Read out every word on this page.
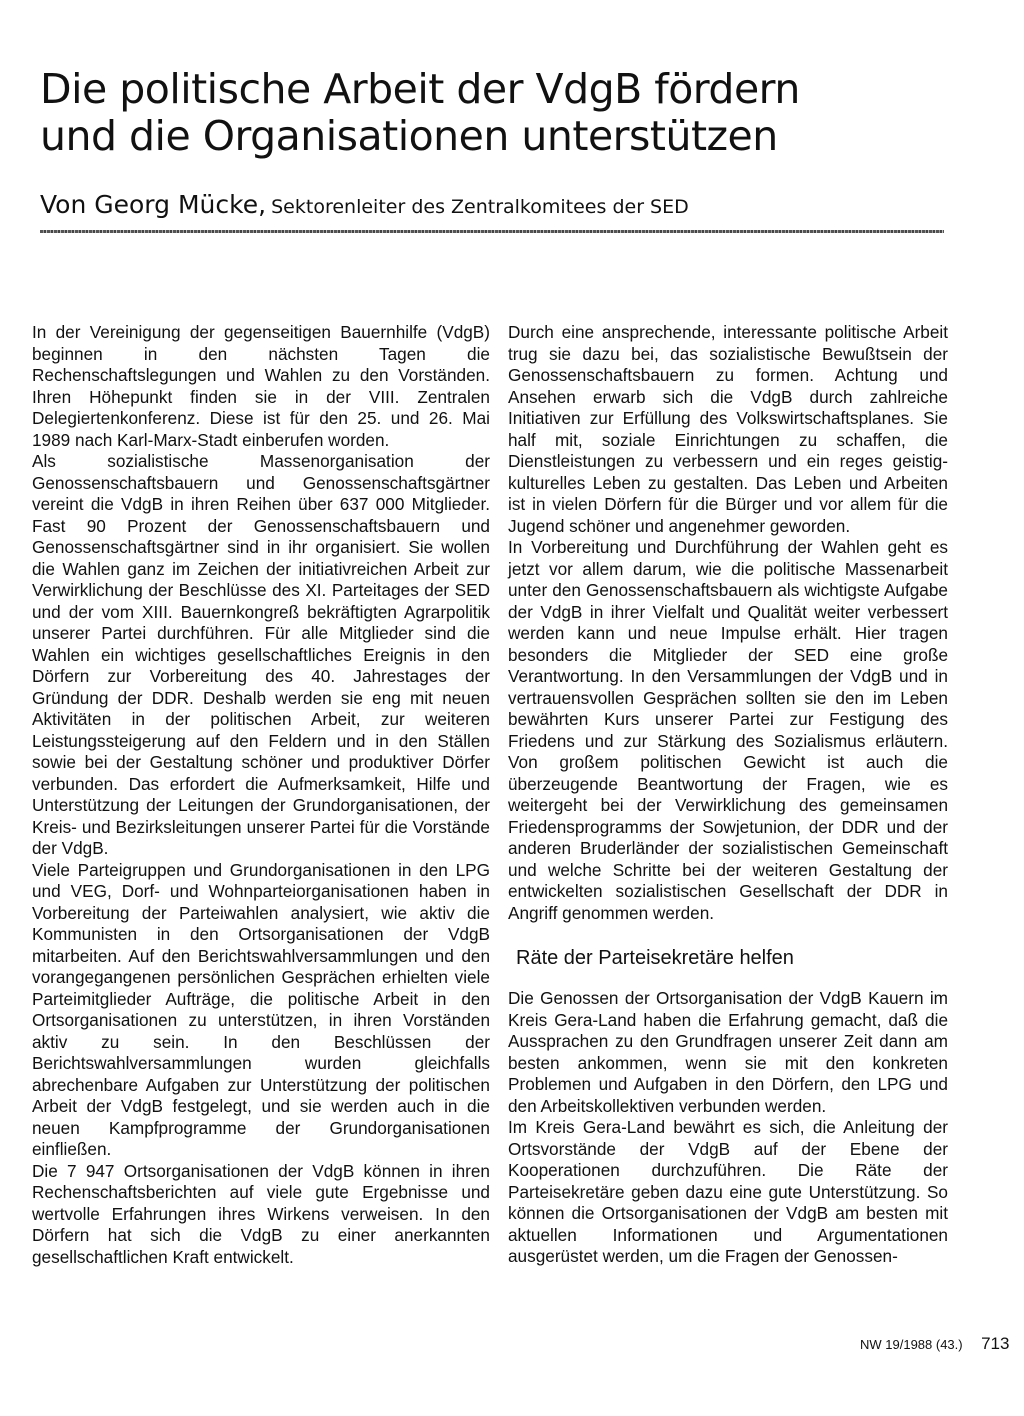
Die politische Arbeit der VdgB fördern
und die Organisationen unterstützen
Von Georg Mücke, Sektorenleiter des Zentralkomitees der SED

In der Vereinigung der gegenseitigen Bauernhilfe (VdgB) beginnen in den nächsten Tagen die Rechenschaftslegungen und Wahlen zu den Vorständen. Ihren Höhepunkt finden sie in der VIII. Zentralen Delegiertenkonferenz. Diese ist für den 25. und 26. Mai 1989 nach Karl-Marx-Stadt einberufen worden.

Als sozialistische Massenorganisation der Genossenschaftsbauern und Genossenschaftsgärtner vereint die VdgB in ihren Reihen über 637 000 Mitglieder. Fast 90 Prozent der Genossenschaftsbauern und Genossenschaftsgärtner sind in ihr organisiert. Sie wollen die Wahlen ganz im Zeichen der initiativreichen Arbeit zur Verwirklichung der Beschlüsse des XI. Parteitages der SED und der vom XIII. Bauernkongreß bekräftigten Agrarpolitik unserer Partei durchführen. Für alle Mitglieder sind die Wahlen ein wichtiges gesellschaftliches Ereignis in den Dörfern zur Vorbereitung des 40. Jahrestages der Gründung der DDR. Deshalb werden sie eng mit neuen Aktivitäten in der politischen Arbeit, zur weiteren Leistungssteigerung auf den Feldern und in den Ställen sowie bei der Gestaltung schöner und produktiver Dörfer verbunden. Das erfordert die Aufmerksamkeit, Hilfe und Unterstützung der Leitungen der Grundorganisationen, der Kreis- und Bezirksleitungen unserer Partei für die Vorstände der VdgB.

Viele Parteigruppen und Grundorganisationen in den LPG und VEG, Dorf- und Wohnparteiorganisationen haben in Vorbereitung der Parteiwahlen analysiert, wie aktiv die Kommunisten in den Ortsorganisationen der VdgB mitarbeiten. Auf den Berichtswahlversammlungen und den vorangegangenen persönlichen Gesprächen erhielten viele Parteimitglieder Aufträge, die politische Arbeit in den Ortsorganisationen zu unterstützen, in ihren Vorständen aktiv zu sein. In den Beschlüssen der Berichtswahlversammlungen wurden gleichfalls abrechenbare Aufgaben zur Unterstützung der politischen Arbeit der VdgB festgelegt, und sie werden auch in die neuen Kampfprogramme der Grundorganisationen einfließen.

Die 7 947 Ortsorganisationen der VdgB können in ihren Rechenschaftsberichten auf viele gute Ergebnisse und wertvolle Erfahrungen ihres Wirkens verweisen. In den Dörfern hat sich die VdgB zu einer anerkannten gesellschaftlichen Kraft entwickelt.

Durch eine ansprechende, interessante politische Arbeit trug sie dazu bei, das sozialistische Bewußtsein der Genossenschaftsbauern zu formen. Achtung und Ansehen erwarb sich die VdgB durch zahlreiche Initiativen zur Erfüllung des Volkswirtschaftsplanes. Sie half mit, soziale Einrichtungen zu schaffen, die Dienstleistungen zu verbessern und ein reges geistig-kulturelles Leben zu gestalten. Das Leben und Arbeiten ist in vielen Dörfern für die Bürger und vor allem für die Jugend schöner und angenehmer geworden.

In Vorbereitung und Durchführung der Wahlen geht es jetzt vor allem darum, wie die politische Massenarbeit unter den Genossenschaftsbauern als wichtigste Aufgabe der VdgB in ihrer Vielfalt und Qualität weiter verbessert werden kann und neue Impulse erhält. Hier tragen besonders die Mitglieder der SED eine große Verantwortung. In den Versammlungen der VdgB und in vertrauensvollen Gesprächen sollten sie den im Leben bewährten Kurs unserer Partei zur Festigung des Friedens und zur Stärkung des Sozialismus erläutern. Von großem politischen Gewicht ist auch die überzeugende Beantwortung der Fragen, wie es weitergeht bei der Verwirklichung des gemeinsamen Friedensprogramms der Sowjetunion, der DDR und der anderen Bruderländer der sozialistischen Gemeinschaft und welche Schritte bei der weiteren Gestaltung der entwickelten sozialistischen Gesellschaft der DDR in Angriff genommen werden.

Räte der Parteisekretäre helfen

Die Genossen der Ortsorganisation der VdgB Kauern im Kreis Gera-Land haben die Erfahrung gemacht, daß die Aussprachen zu den Grundfragen unserer Zeit dann am besten ankommen, wenn sie mit den konkreten Problemen und Aufgaben in den Dörfern, den LPG und den Arbeitskollektiven verbunden werden.

Im Kreis Gera-Land bewährt es sich, die Anleitung der Ortsvorstände der VdgB auf der Ebene der Kooperationen durchzuführen. Die Räte der Parteisekretäre geben dazu eine gute Unterstützung. So können die Ortsorganisationen der VdgB am besten mit aktuellen Informationen und Argumentationen ausgerüstet werden, um die Fragen der Genossen-

NW 19/1988 (43.) 713
